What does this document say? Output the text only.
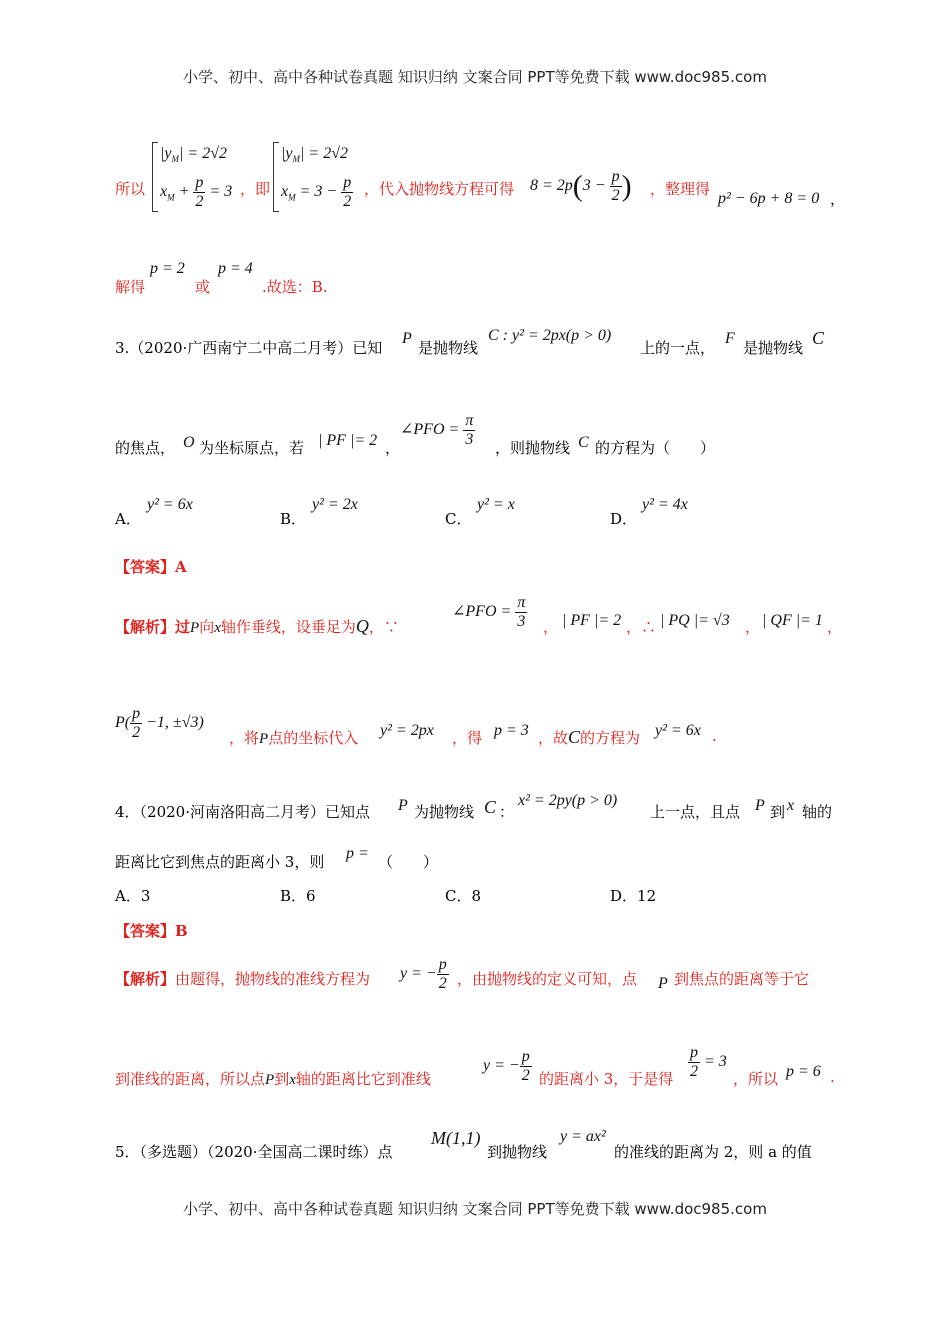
小学、初中、高中各种试卷真题 知识归纳 文案合同 PPT等免费下载 www.doc985.com
所以
$|y_M| = 2√2$
$x_M + \frac{p}{2} = 3$ ，即
$|y_M| = 2√2$
$x_M = 3 - \frac{p}{2}$ ，代入抛物线方程可得 $8 = 2p(3 - \frac{p}{2}$ ) ，整理得
p² − 6p + 8 = 0 ，
解得
p = 2
或
p = 4
.故选：B.
3.（2020·广西南宁二中高二月考）已知
P
是抛物线
C : y² = 2px(p > 0)
上的一点，
F
是抛物线 C
的焦点， O 为坐标原点，若 | PF |= 2 ，
∠PFO = $\frac{\pi}{3}$ ，则抛物线 C 的方程为（　　）
A．
y² = 6x
B．
y² = 2x
C．
y² = x
D．
y² = 4x
【答案】A
【解析】过P向x轴作垂线，设垂足为Q，∵
∠PFO = $\frac{\pi}{3}$ ， | PF |= 2 ，∴ | PQ |= √3 ， | QF |= 1 ，
$P( \frac{p}{2} -1$, ±√3)
，将P点的坐标代入 y² = 2px ，得 p = 3 ，故C的方程为 y² = 6x .
4．（2020·河南洛阳高二月考）已知点 P 为抛物线 C ：
x² = 2py(p > 0)
上一点，且点 P 到 x 轴的
距离比它到焦点的距离小 3，则 p = （　　）
A．3	B．6	C．8	D．12
【答案】B
【解析】由题得，抛物线的准线方程为 y = − $\frac{p}{2}$ ，由抛物线的定义可知，点 P 到焦点的距离等于它
到准线的距离，所以点P到x轴的距离比它到准线
y = − $\frac{p}{2}$ 的距离小 3，于是得 $\frac{p}{2} = 3$
，所以 p = 6 .
5．（多选题）（2020·全国高二课时练）点
M(1,1)
到抛物线
y = ax²
的准线的距离为 2，则 a 的值
小学、初中、高中各种试卷真题 知识归纳 文案合同 PPT等免费下载 www.doc985.com
